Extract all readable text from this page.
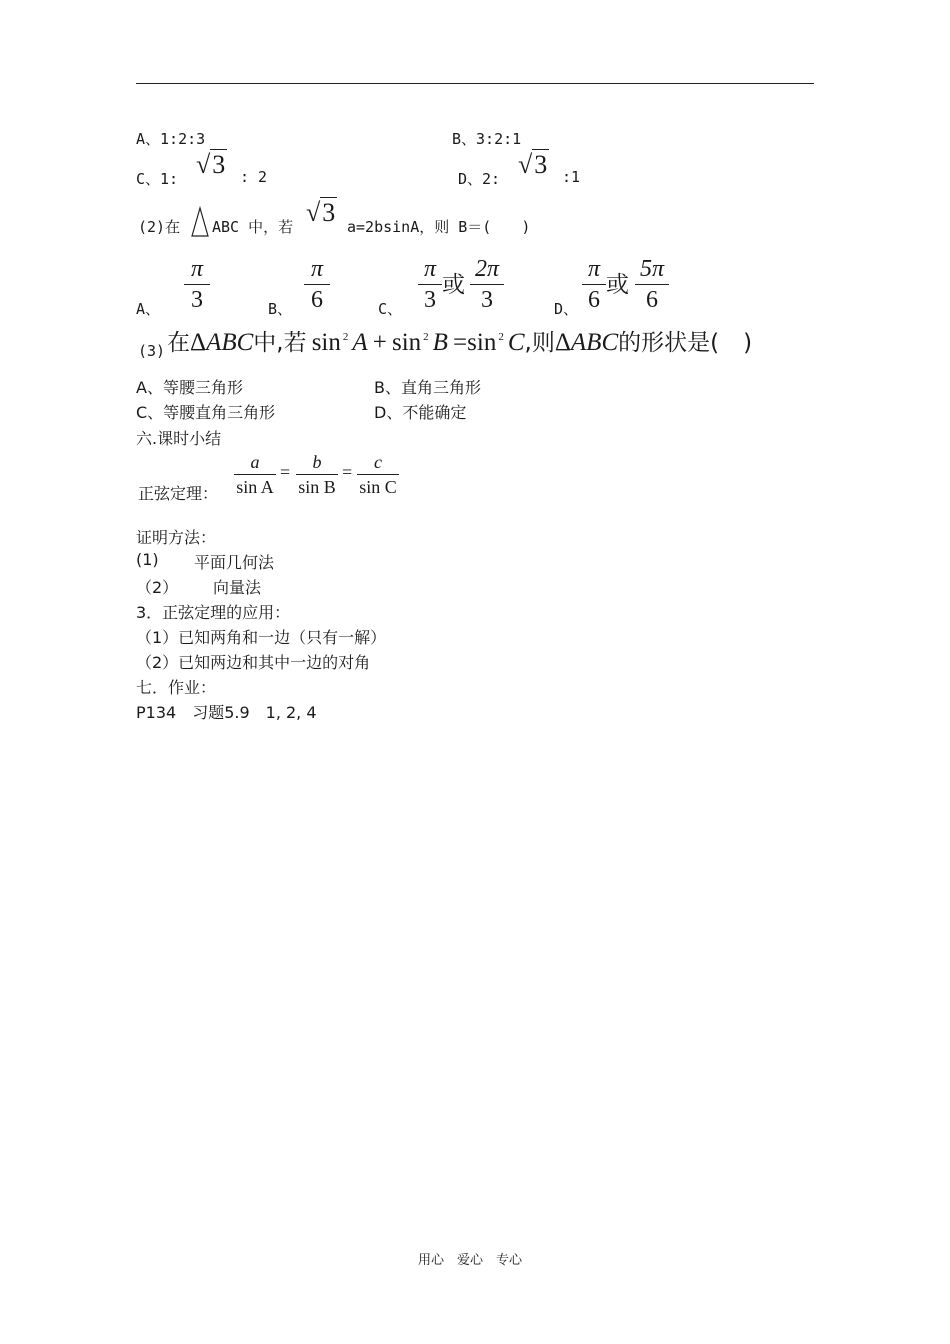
A、1:2:3	B、3:2:1
C、1: √3 : 2	D、2: √3 :1
(2)在 ABC 中，若 √3 a=2bsinA，则 B＝(　　)
A、
π
3	B、
π
6	C、
π
3
或
2π
3	D、
π
6
或
5π
6
(3) 在ΔABC中,若 sin $^2$ A + sin $^2$ B =sin $^2$ C,则ΔABC的形状是( )
A、等腰三角形	B、直角三角形
C、等腰直角三角形	D、不能确定
六.课时小结
正弦定理：
a
sin A
=	b
sin B
=	c
sin C
证明方法：
(1) 平面几何法
（2） 向量法
3．正弦定理的应用：
（1）已知两角和一边（只有一解）
（2）已知两边和其中一边的对角
七．作业：
P134　习题5.9　1, 2, 4
用心　爱心　专心
